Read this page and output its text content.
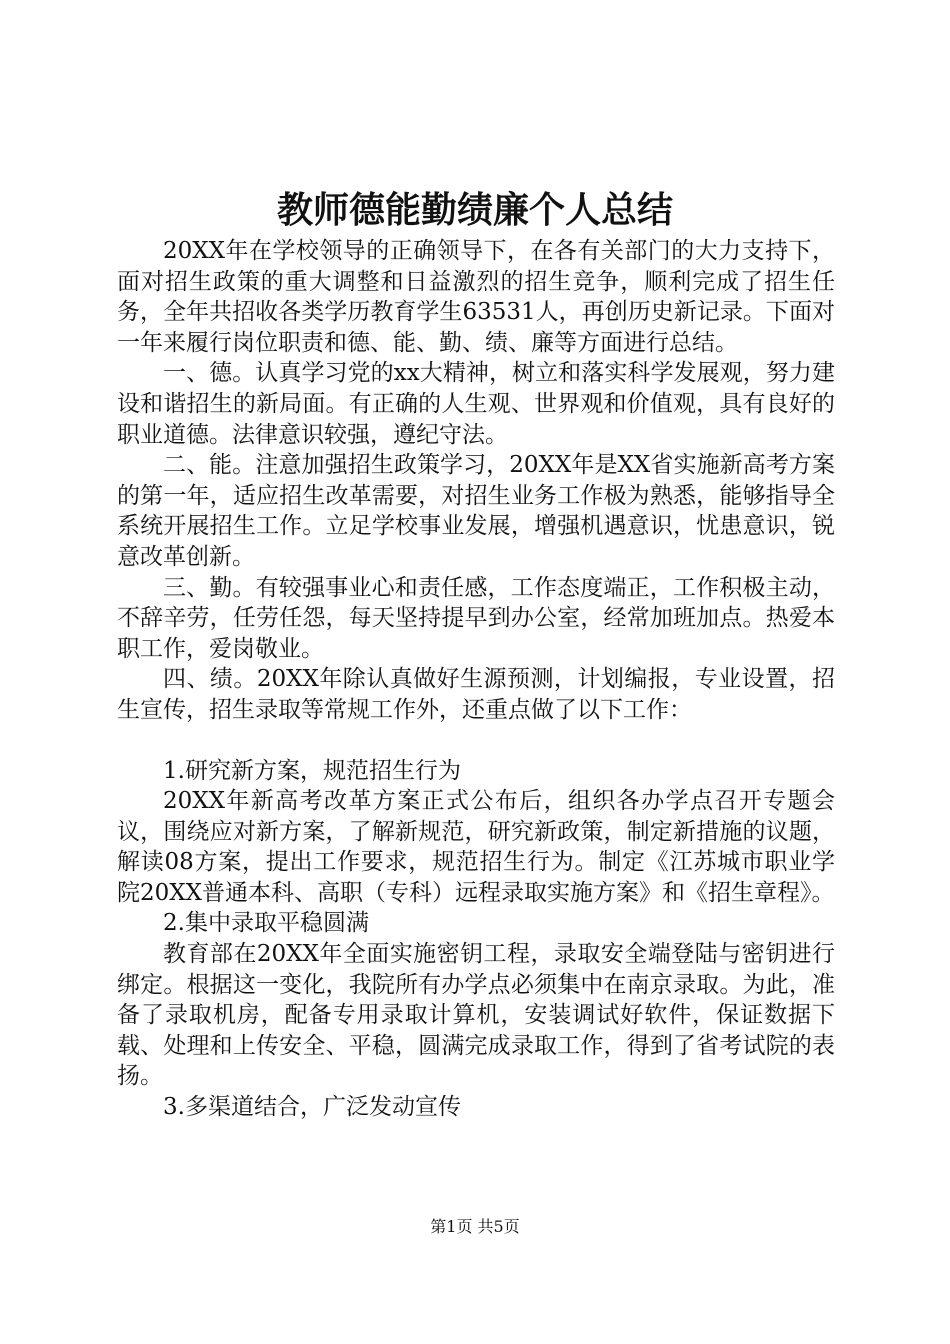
教师德能勤绩廉个人总结

20XX年在学校领导的正确领导下，在各有关部门的大力支持下，面对招生政策的重大调整和日益激烈的招生竞争，顺利完成了招生任务，全年共招收各类学历教育学生63531人，再创历史新记录。下面对一年来履行岗位职责和德、能、勤、绩、廉等方面进行总结。

一、德。认真学习党的xx大精神，树立和落实科学发展观，努力建设和谐招生的新局面。有正确的人生观、世界观和价值观，具有良好的职业道德。法律意识较强，遵纪守法。

二、能。注意加强招生政策学习，20XX年是XX省实施新高考方案的第一年，适应招生改革需要，对招生业务工作极为熟悉，能够指导全系统开展招生工作。立足学校事业发展，增强机遇意识，忧患意识，锐意改革创新。

三、勤。有较强事业心和责任感，工作态度端正，工作积极主动，不辞辛劳，任劳任怨，每天坚持提早到办公室，经常加班加点。热爱本职工作，爱岗敬业。

四、绩。20XX年除认真做好生源预测，计划编报，专业设置，招生宣传，招生录取等常规工作外，还重点做了以下工作：

1.研究新方案，规范招生行为

20XX年新高考改革方案正式公布后，组织各办学点召开专题会议，围绕应对新方案，了解新规范，研究新政策，制定新措施的议题，解读08方案，提出工作要求，规范招生行为。制定《江苏城市职业学院20XX普通本科、高职（专科）远程录取实施方案》和《招生章程》。

2.集中录取平稳圆满

教育部在20XX年全面实施密钥工程，录取安全端登陆与密钥进行绑定。根据这一变化，我院所有办学点必须集中在南京录取。为此，准备了录取机房，配备专用录取计算机，安装调试好软件，保证数据下载、处理和上传安全、平稳，圆满完成录取工作，得到了省考试院的表扬。

3.多渠道结合，广泛发动宣传

第1页 共5页
